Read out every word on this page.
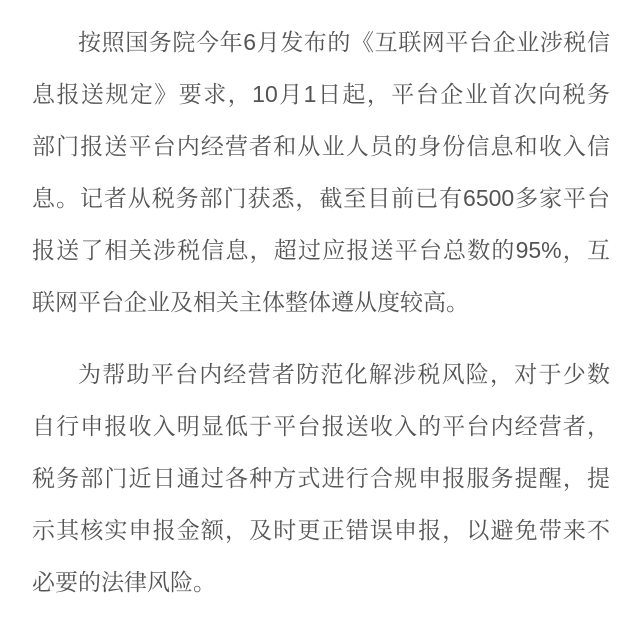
按照国务院今年6月发布的《互联网平台企业涉税信
息报送规定》要求，10月1日起，平台企业首次向税务
部门报送平台内经营者和从业人员的身份信息和收入信
息。记者从税务部门获悉，截至目前已有6500多家平台
报送了相关涉税信息，超过应报送平台总数的95%，互
联网平台企业及相关主体整体遵从度较高。

为帮助平台内经营者防范化解涉税风险，对于少数
自行申报收入明显低于平台报送收入的平台内经营者，
税务部门近日通过各种方式进行合规申报服务提醒，提
示其核实申报金额，及时更正错误申报，以避免带来不
必要的法律风险。
